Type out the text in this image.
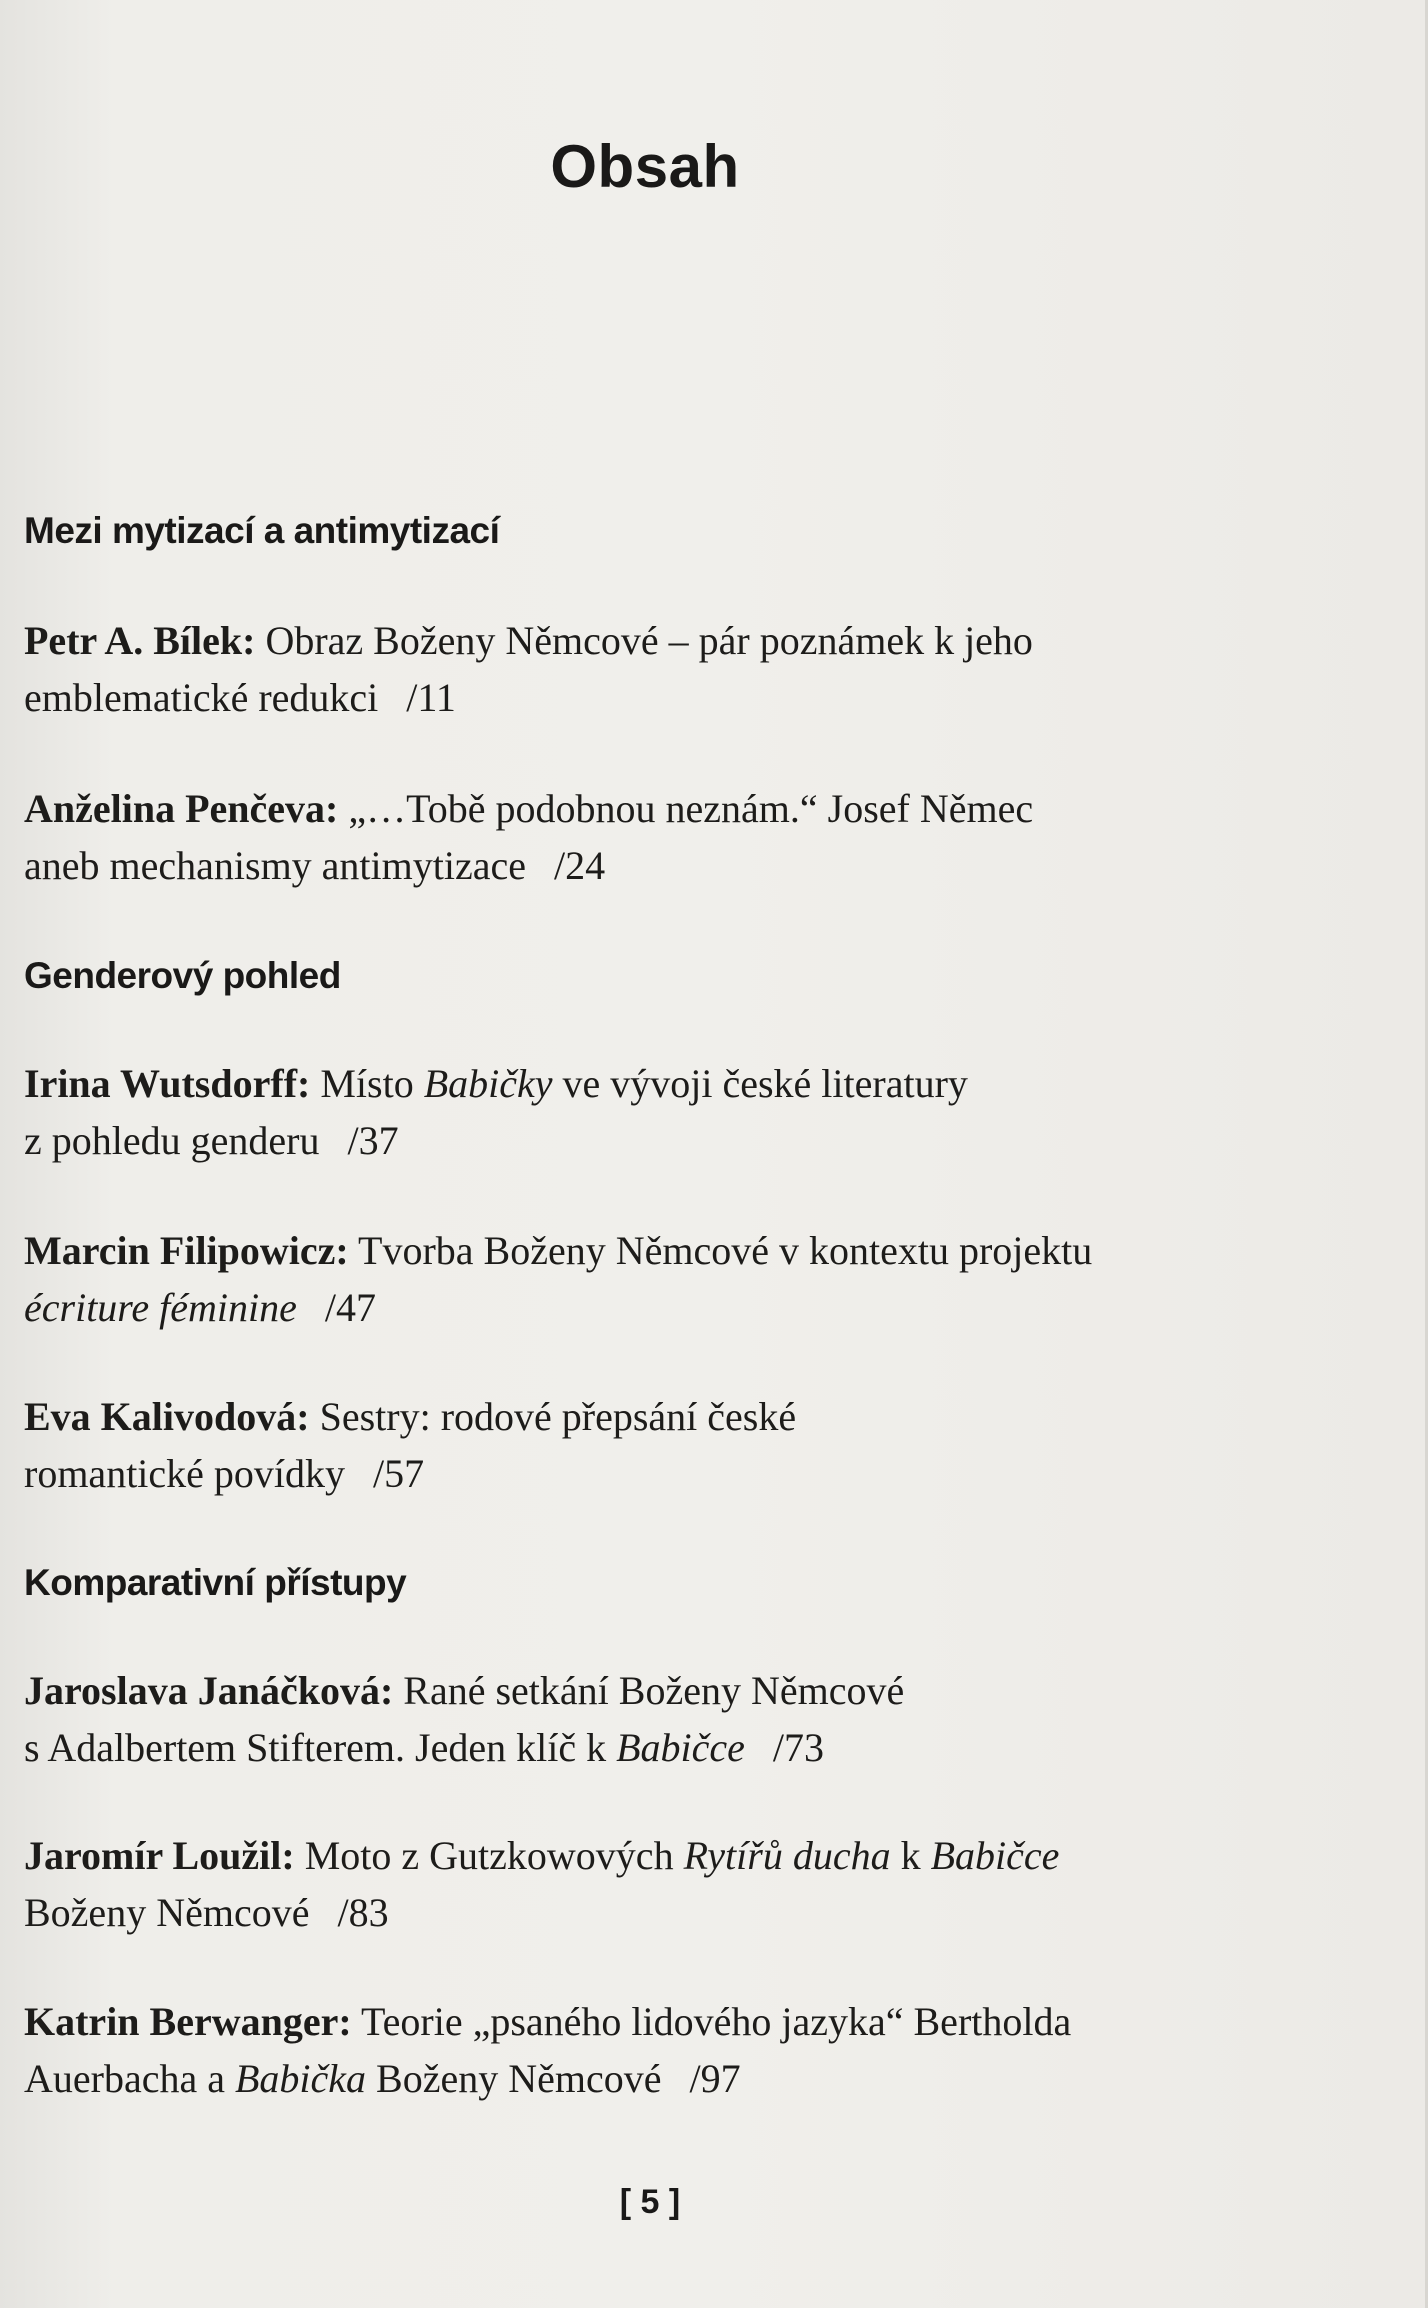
Obsah
Mezi mytizací a antimytizací
Petr A. Bílek: Obraz Boženy Němcové – pár poznámek k jeho
emblematické redukci /11
Anželina Penčeva: „…Tobě podobnou neznám.“ Josef Němec
aneb mechanismy antimytizace /24
Genderový pohled
Irina Wutsdorff: Místo Babičky ve vývoji české literatury
z pohledu genderu /37
Marcin Filipowicz: Tvorba Boženy Němcové v kontextu projektu
écriture féminine /47
Eva Kalivodová: Sestry: rodové přepsání české
romantické povídky /57
Komparativní přístupy
Jaroslava Janáčková: Rané setkání Boženy Němcové
s Adalbertem Stifterem. Jeden klíč k Babičce /73
Jaromír Loužil: Moto z Gutzkowových Rytířů ducha k Babičce
Boženy Němcové /83
Katrin Berwanger: Teorie „psaného lidového jazyka“ Bertholda
Auerbacha a Babička Boženy Němcové /97
[ 5 ]
